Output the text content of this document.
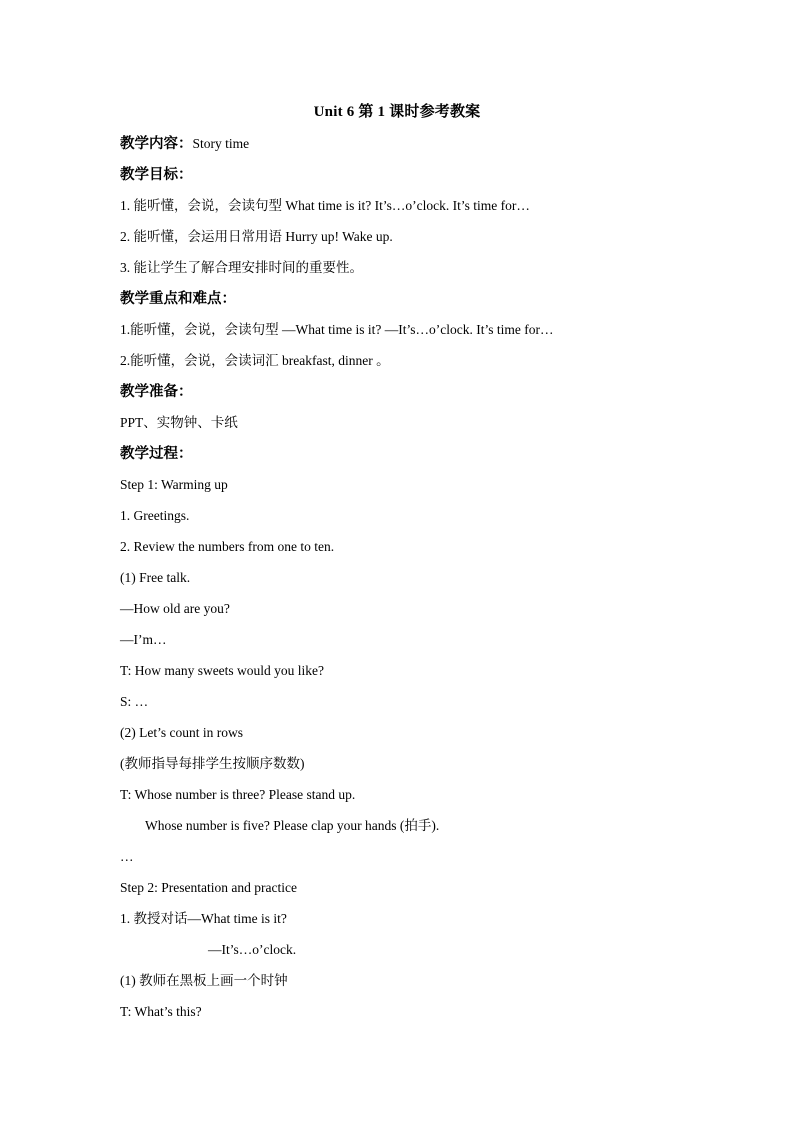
Unit 6 第 1 课时参考教案
教学内容：Story time
教学目标：
1. 能听懂，会说，会读句型 What time is it? It’s…o’clock. It’s time for…
2. 能听懂，会运用日常用语 Hurry up! Wake up.
3. 能让学生了解合理安排时间的重要性。
教学重点和难点：
1.能听懂，会说，会读句型 —What time is it? —It’s…o’clock. It’s time for…
2.能听懂，会说，会读词汇 breakfast, dinner 。
教学准备：
PPT、实物钟、卡纸
教学过程：
Step 1: Warming up
1. Greetings.
2. Review the numbers from one to ten.
(1) Free talk.
—How old are you?
—I’m…
T: How many sweets would you like?
S: …
(2) Let’s count in rows
(教师指导每排学生按顺序数数)
T: Whose number is three? Please stand up.
Whose number is five? Please clap your hands (拍手).
…
Step 2: Presentation and practice
1. 教授对话—What time is it?
—It’s…o’clock.
(1) 教师在黑板上画一个时钟
T: What’s this?
